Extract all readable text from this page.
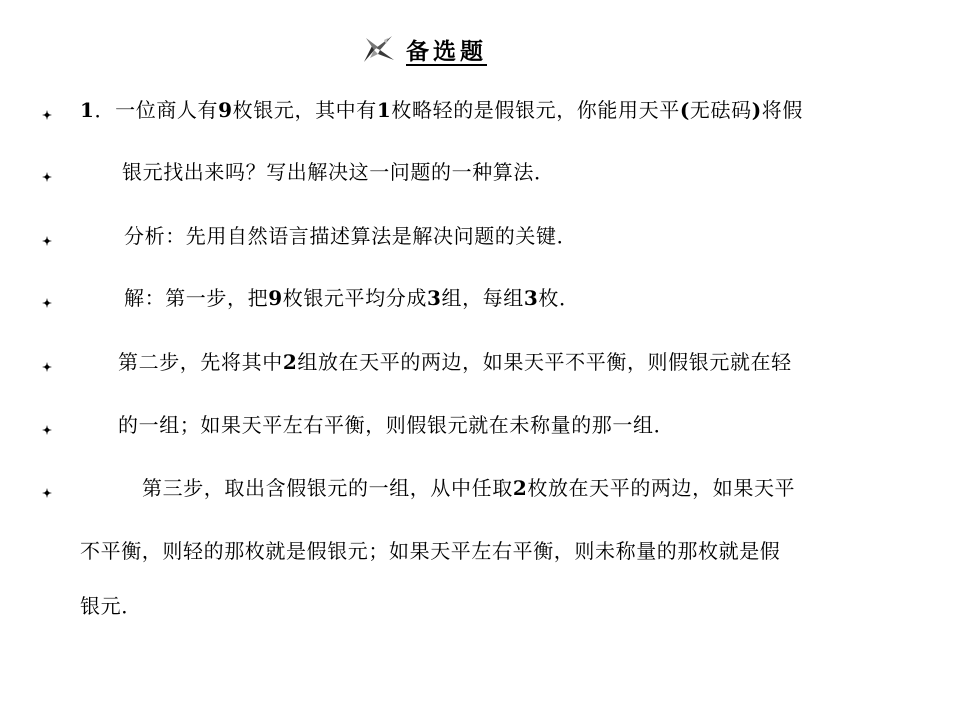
备选题
1．一位商人有9枚银元，其中有1枚略轻的是假银元，你能用天平(无砝码)将假
银元找出来吗？写出解决这一问题的一种算法．
分析：先用自然语言描述算法是解决问题的关键．
解：第一步，把9枚银元平均分成3组，每组3枚．
第二步，先将其中2组放在天平的两边，如果天平不平衡，则假银元就在轻
的一组；如果天平左右平衡，则假银元就在未称量的那一组．
第三步，取出含假银元的一组，从中任取2枚放在天平的两边，如果天平
不平衡，则轻的那枚就是假银元；如果天平左右平衡，则未称量的那枚就是假
银元．
